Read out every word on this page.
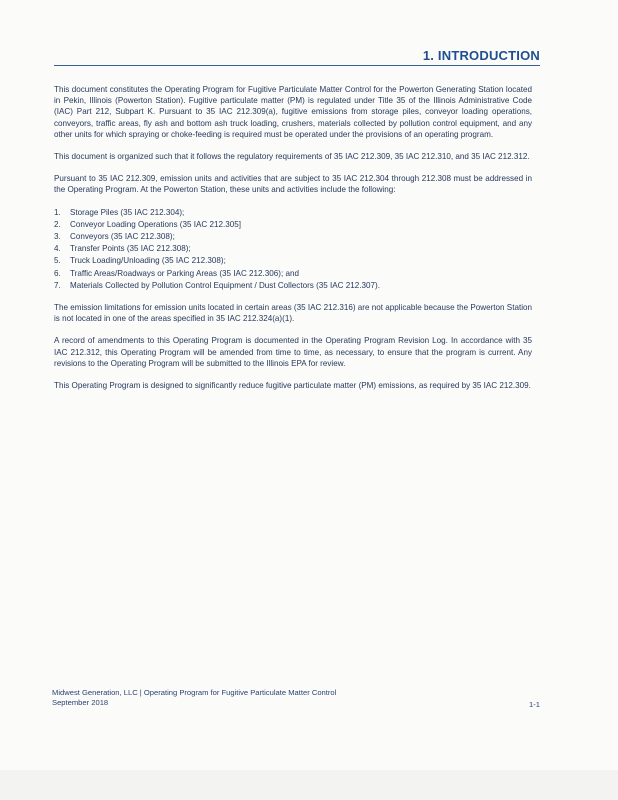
1. INTRODUCTION

This document constitutes the Operating Program for Fugitive Particulate Matter Control for the Powerton Generating Station located in Pekin, Illinois (Powerton Station). Fugitive particulate matter (PM) is regulated under Title 35 of the Illinois Administrative Code (IAC) Part 212, Subpart K. Pursuant to 35 IAC 212.309(a), fugitive emissions from storage piles, conveyor loading operations, conveyors, traffic areas, fly ash and bottom ash truck loading, crushers, materials collected by pollution control equipment, and any other units for which spraying or choke-feeding is required must be operated under the provisions of an operating program.

This document is organized such that it follows the regulatory requirements of 35 IAC 212.309, 35 IAC 212.310, and 35 IAC 212.312.

Pursuant to 35 IAC 212.309, emission units and activities that are subject to 35 IAC 212.304 through 212.308 must be addressed in the Operating Program. At the Powerton Station, these units and activities include the following:

1. Storage Piles (35 IAC 212.304);
2. Conveyor Loading Operations (35 IAC 212.305]
3. Conveyors (35 IAC 212.308);
4. Transfer Points (35 IAC 212.308);
5. Truck Loading/Unloading (35 IAC 212.308);
6. Traffic Areas/Roadways or Parking Areas (35 IAC 212.306); and
7. Materials Collected by Pollution Control Equipment / Dust Collectors (35 IAC 212.307).

The emission limitations for emission units located in certain areas (35 IAC 212.316) are not applicable because the Powerton Station is not located in one of the areas specified in 35 IAC 212.324(a)(1).

A record of amendments to this Operating Program is documented in the Operating Program Revision Log. In accordance with 35 IAC 212.312, this Operating Program will be amended from time to time, as necessary, to ensure that the program is current. Any revisions to the Operating Program will be submitted to the Illinois EPA for review.

This Operating Program is designed to significantly reduce fugitive particulate matter (PM) emissions, as required by 35 IAC 212.309.

Midwest Generation, LLC | Operating Program for Fugitive Particulate Matter Control
September 2018	1-1
